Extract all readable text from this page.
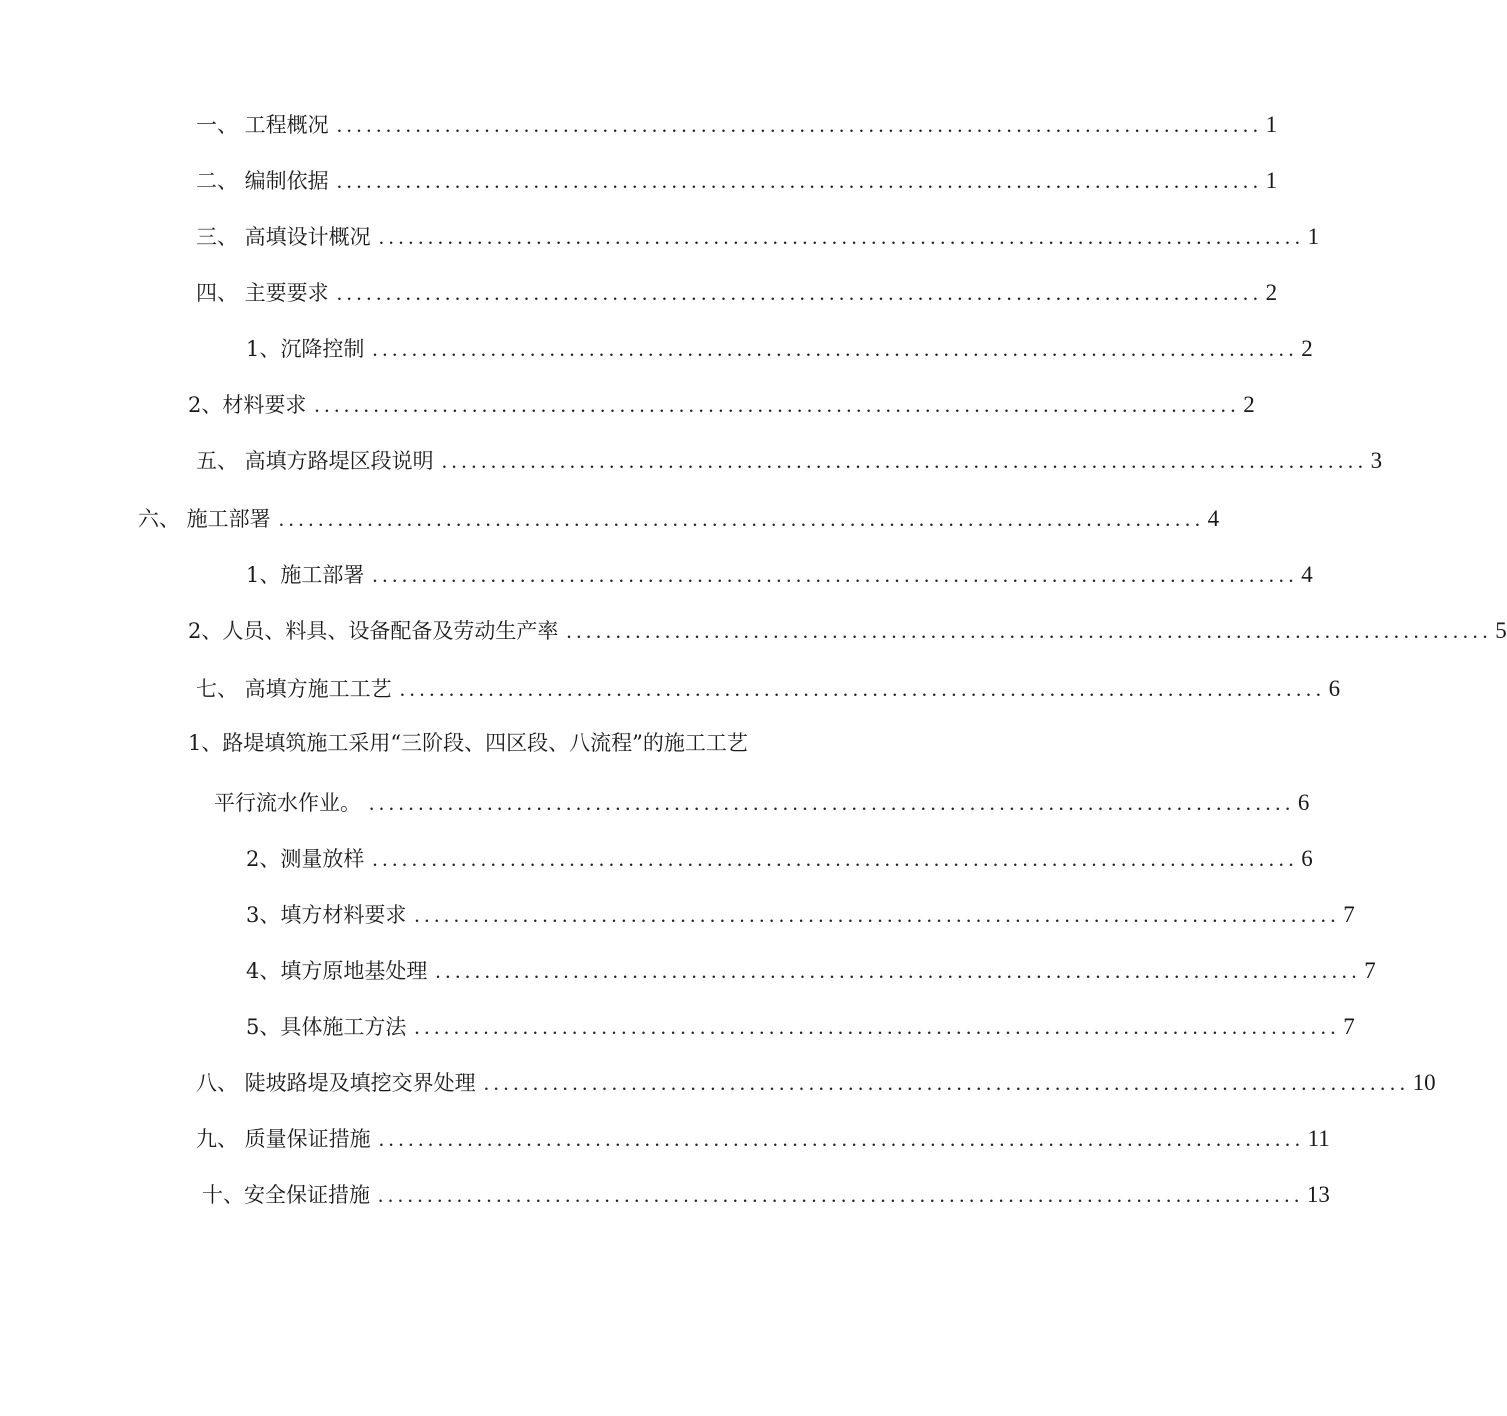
一、 工程概况 .............................................................................................. 1
二、 编制依据 .............................................................................................. 1
三、 高填设计概况 .............................................................................................. 1
四、 主要要求 .............................................................................................. 2
1、沉降控制 .............................................................................................. 2
2、材料要求 .............................................................................................. 2
五、 高填方路堤区段说明 .............................................................................................. 3
六、 施工部署 .............................................................................................. 4
1、施工部署 .............................................................................................. 4
2、人员、料具、设备配备及劳动生产率 .............................................................................................. 5
七、 高填方施工工艺 .............................................................................................. 6
1、路堤填筑施工采用“三阶段、四区段、八流程”的施工工艺
平行流水作业。 .............................................................................................. 6
2、测量放样 .............................................................................................. 6
3、填方材料要求 .............................................................................................. 7
4、填方原地基处理 .............................................................................................. 7
5、具体施工方法 .............................................................................................. 7
八、 陡坡路堤及填挖交界处理 .............................................................................................. 10
九、 质量保证措施 .............................................................................................. 11
十、安全保证措施 .............................................................................................. 13
